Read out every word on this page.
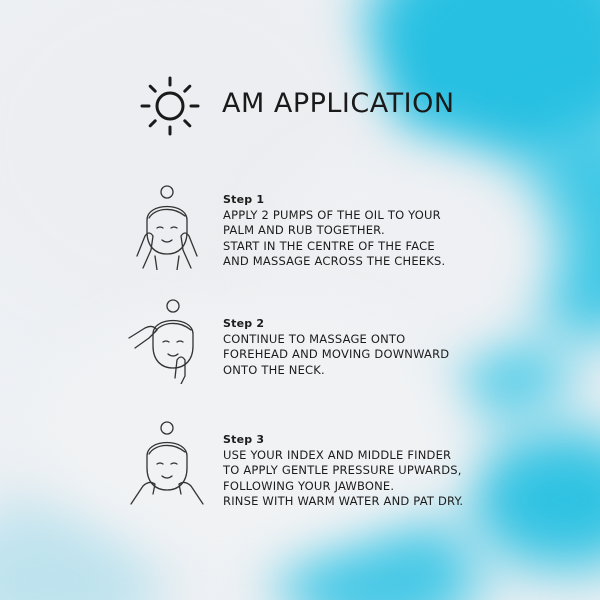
AM APPLICATION
Step 1
APPLY 2 PUMPS OF THE OIL TO YOUR
PALM AND RUB TOGETHER.
START IN THE CENTRE OF THE FACE
AND MASSAGE ACROSS THE CHEEKS.
Step 2
CONTINUE TO MASSAGE ONTO
FOREHEAD AND MOVING DOWNWARD
ONTO THE NECK.
Step 3
USE YOUR INDEX AND MIDDLE FINDER
TO APPLY GENTLE PRESSURE UPWARDS,
FOLLOWING YOUR JAWBONE.
RINSE WITH WARM WATER AND PAT DRY.
